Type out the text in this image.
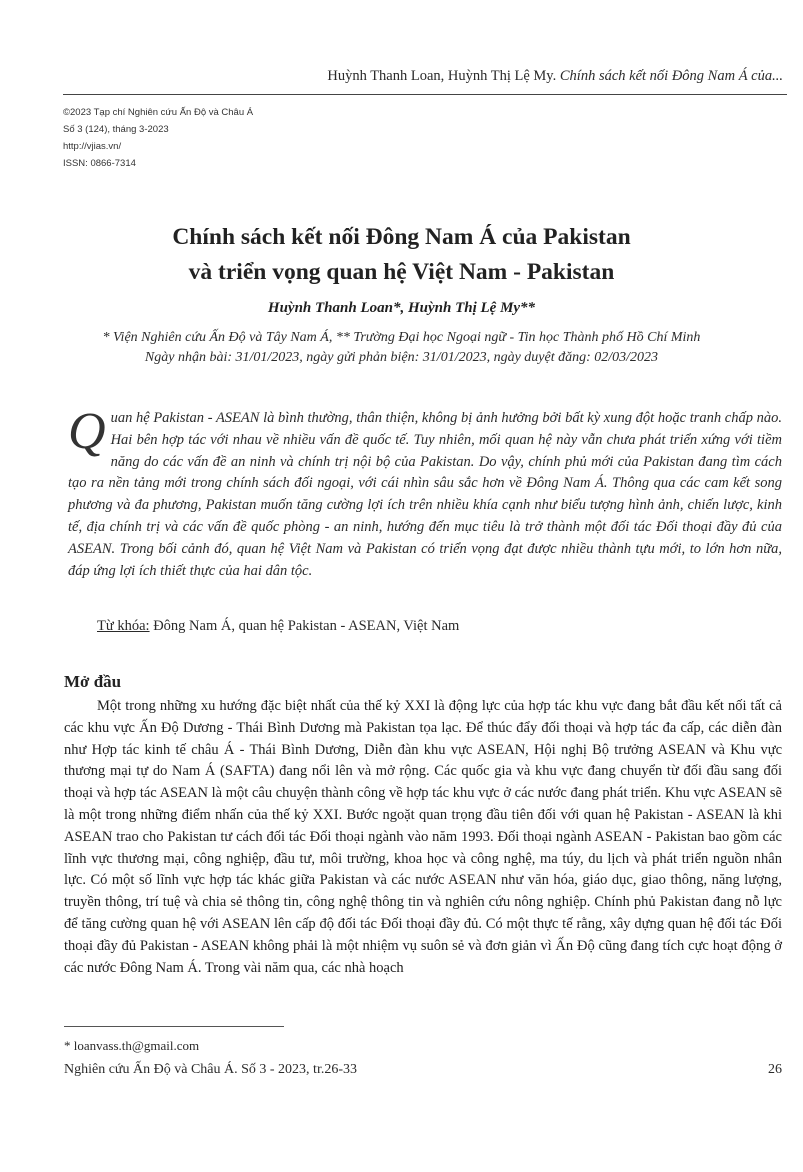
Huỳnh Thanh Loan, Huỳnh Thị Lệ My. Chính sách kết nối Đông Nam Á của...
©2023 Tạp chí Nghiên cứu Ấn Độ và Châu Á
Số 3 (124), tháng 3-2023
http://vjias.vn/
ISSN: 0866-7314
Chính sách kết nối Đông Nam Á của Pakistan
và triển vọng quan hệ Việt Nam - Pakistan
Huỳnh Thanh Loan*, Huỳnh Thị Lệ My**
* Viện Nghiên cứu Ấn Độ và Tây Nam Á, ** Trường Đại học Ngoại ngữ - Tin học Thành phố Hồ Chí Minh
Ngày nhận bài: 31/01/2023, ngày gửi phản biện: 31/01/2023, ngày duyệt đăng: 02/03/2023
Quan hệ Pakistan - ASEAN là bình thường, thân thiện, không bị ảnh hưởng bởi bất kỳ xung đột hoặc tranh chấp nào. Hai bên hợp tác với nhau về nhiều vấn đề quốc tế. Tuy nhiên, mối quan hệ này vẫn chưa phát triển xứng với tiềm năng do các vấn đề an ninh và chính trị nội bộ của Pakistan. Do vậy, chính phủ mới của Pakistan đang tìm cách tạo ra nền tảng mới trong chính sách đối ngoại, với cái nhìn sâu sắc hơn về Đông Nam Á. Thông qua các cam kết song phương và đa phương, Pakistan muốn tăng cường lợi ích trên nhiều khía cạnh như biểu tượng hình ảnh, chiến lược, kinh tế, địa chính trị và các vấn đề quốc phòng - an ninh, hướng đến mục tiêu là trở thành một đối tác Đối thoại đầy đủ của ASEAN. Trong bối cảnh đó, quan hệ Việt Nam và Pakistan có triển vọng đạt được nhiều thành tựu mới, to lớn hơn nữa, đáp ứng lợi ích thiết thực của hai dân tộc.
Từ khóa: Đông Nam Á, quan hệ Pakistan - ASEAN, Việt Nam
Mở đầu

Một trong những xu hướng đặc biệt nhất của thế kỷ XXI là động lực của hợp tác khu vực đang bắt đầu kết nối tất cả các khu vực Ấn Độ Dương - Thái Bình Dương mà Pakistan tọa lạc. Để thúc đẩy đối thoại và hợp tác đa cấp, các diễn đàn như Hợp tác kinh tế châu Á - Thái Bình Dương, Diễn đàn khu vực ASEAN, Hội nghị Bộ trưởng ASEAN và Khu vực thương mại tự do Nam Á (SAFTA) đang nổi lên và mở rộng. Các quốc gia và khu vực đang chuyển từ đối đầu sang đối thoại và hợp tác ASEAN là một câu chuyện thành công về hợp tác khu vực ở các nước đang phát triển. Khu vực ASEAN sẽ là một trong những điểm nhấn của thế kỷ XXI. Bước ngoặt quan trọng đầu tiên đối với quan hệ Pakistan - ASEAN là khi ASEAN trao cho Pakistan tư cách đối tác Đối thoại ngành vào năm 1993. Đối thoại ngành ASEAN - Pakistan bao gồm các lĩnh vực thương mại, công nghiệp, đầu tư, môi trường, khoa học và công nghệ, ma túy, du lịch và phát triển nguồn nhân lực. Có một số lĩnh vực hợp tác khác giữa Pakistan và các nước ASEAN như văn hóa, giáo dục, giao thông, năng lượng, truyền thông, trí tuệ và chia sẻ thông tin, công nghệ thông tin và nghiên cứu nông nghiệp. Chính phủ Pakistan đang nỗ lực để tăng cường quan hệ với ASEAN lên cấp độ đối tác Đối thoại đầy đủ. Có một thực tế rằng, xây dựng quan hệ đối tác Đối thoại đầy đủ Pakistan - ASEAN không phải là một nhiệm vụ suôn sẻ và đơn giản vì Ấn Độ cũng đang tích cực hoạt động ở các nước Đông Nam Á. Trong vài năm qua, các nhà hoạch

* loanvass.th@gmail.com
Nghiên cứu Ấn Độ và Châu Á. Số 3 - 2023, tr.26-33	26
